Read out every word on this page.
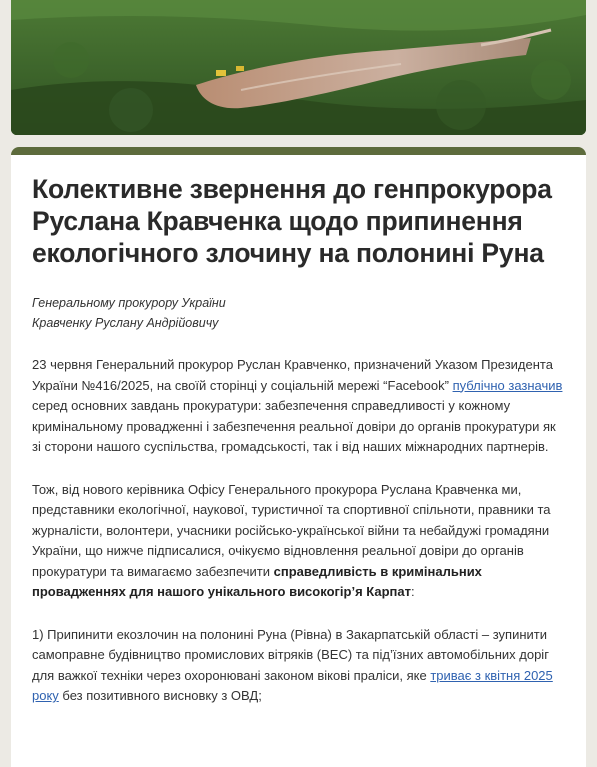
Колективне звернення до генпрокурора Руслана Кравченка щодо припинення екологічного злочину на полонині Руна
Генеральному прокурору України
Кравченку Руслану Андрійовичу

23 червня Генеральний прокурор Руслан Кравченко, призначений Указом Президента України №416/2025, на своїй сторінці у соціальній мережі “Facebook” публічно зазначив серед основних завдань прокуратури: забезпечення справедливості у кожному кримінальному провадженні і забезпечення реальної довіри до органів прокуратури як зі сторони нашого суспільства, громадськості, так і від наших міжнародних партнерів.

Тож, від нового керівника Офісу Генерального прокурора Руслана Кравченка ми, представники екологічної, наукової, туристичної та спортивної спільноти, правники та журналісти, волонтери, учасники російсько-української війни та небайдужі громадяни України, що нижче підписалися, очікуємо відновлення реальної довіри до органів прокуратури та вимагаємо забезпечити справедливість в кримінальних провадженнях для нашого унікального високогір’я Карпат:

1) Припинити екозлочин на полонині Руна (Рівна) в Закарпатській області – зупинити самоправне будівництво промислових вітряків (ВЕС) та під’їзних автомобільних доріг для важкої техніки через охоронювані законом вікові праліси, яке триває з квітня 2025 року без позитивного висновку з ОВД;
